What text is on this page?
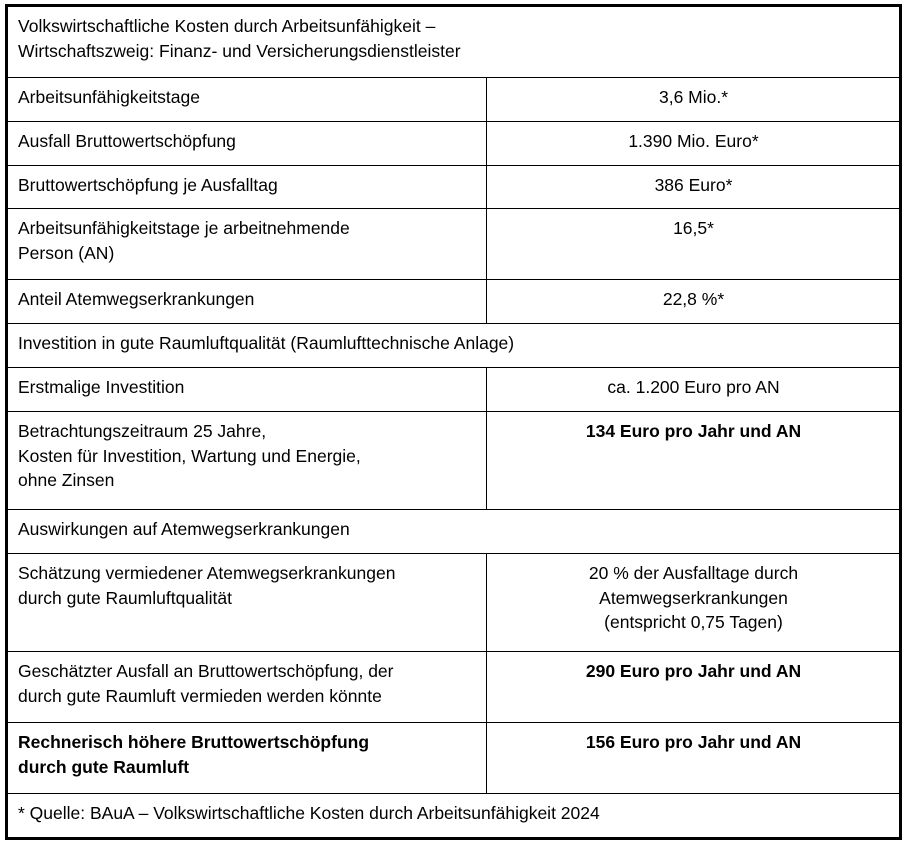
Volkswirtschaftliche Kosten durch Arbeitsunfähigkeit –
Wirtschaftszweig: Finanz- und Versicherungsdienstleister	

Arbeitsunfähigkeitstage	3,6 Mio.*
Ausfall Bruttowertschöpfung	1.390 Mio. Euro*
Bruttowertschöpfung je Ausfalltag	386 Euro*

Arbeitsunfähigkeitstage je arbeitnehmende
Person (AN)	16,5*
Anteil Atemwegserkrankungen	22,8 %*
Investition in gute Raumluftqualität (Raumlufttechnische Anlage)	
Erstmalige Investition	ca. 1.200 Euro pro AN

Betrachtungszeitraum 25 Jahre,
Kosten für Investition, Wartung und Energie,
ohne Zinsen	134 Euro pro Jahr und AN
Auswirkungen auf Atemwegserkrankungen	

Schätzung vermiedener Atemwegserkrankungen
durch gute Raumluftqualität	20 % der Ausfalltage durch
Atemwegserkrankungen
(entspricht 0,75 Tagen)

Geschätzter Ausfall an Bruttowertschöpfung, der
durch gute Raumluft vermieden werden könnte	290 Euro pro Jahr und AN

Rechnerisch höhere Bruttowertschöpfung
durch gute Raumluft	156 Euro pro Jahr und AN
* Quelle: BAuA – Volkswirtschaftliche Kosten durch Arbeitsunfähigkeit 2024	
